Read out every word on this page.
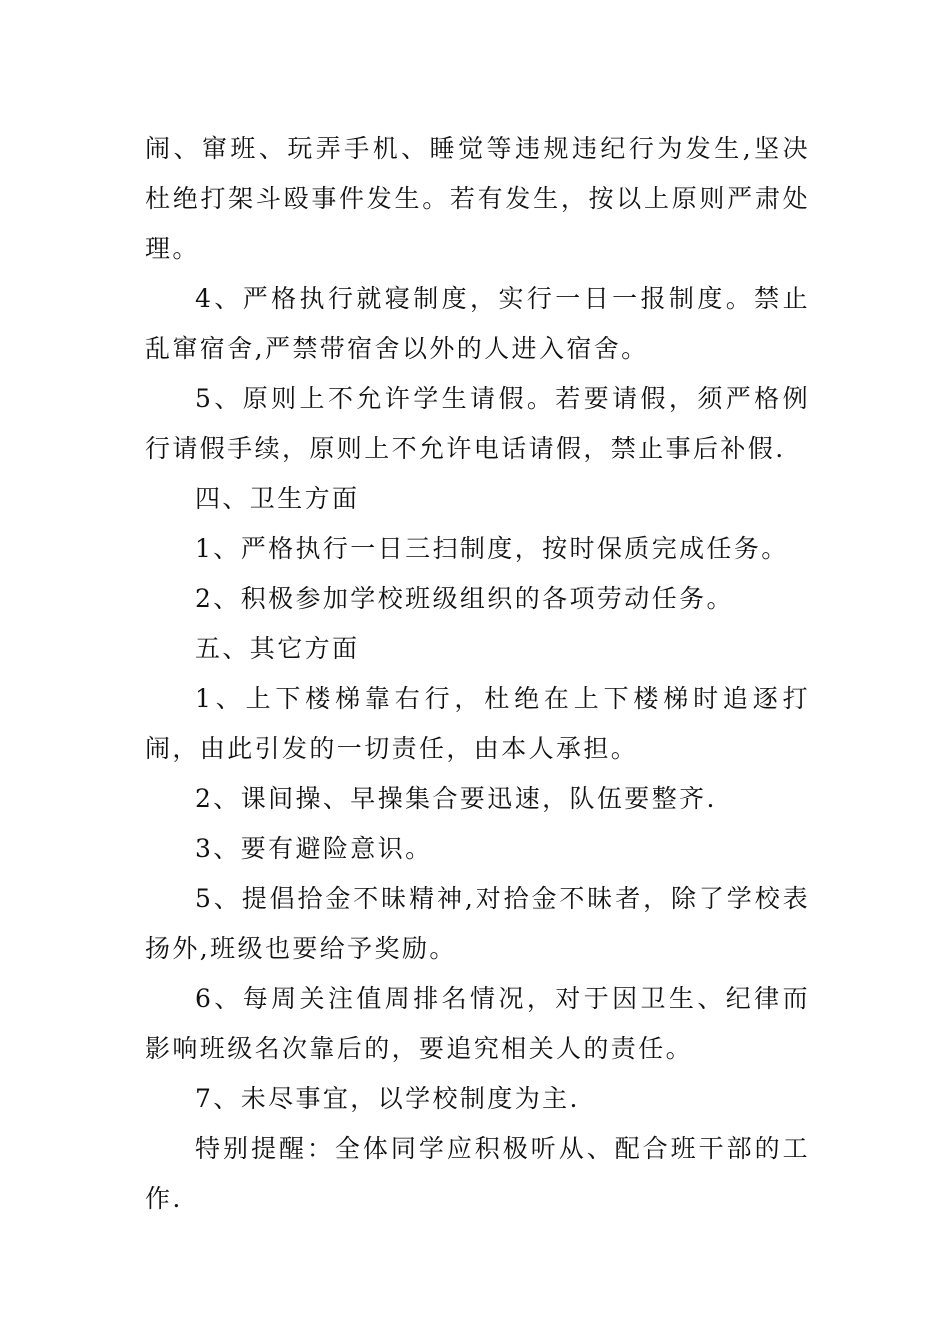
闹、窜班、玩弄手机、睡觉等违规违纪行为发生,坚决杜绝打架斗殴事件发生。若有发生，按以上原则严肃处理。

4、严格执行就寝制度，实行一日一报制度。禁止乱窜宿舍,严禁带宿舍以外的人进入宿舍。

5、原则上不允许学生请假。若要请假，须严格例行请假手续，原则上不允许电话请假，禁止事后补假.

四、卫生方面

1、严格执行一日三扫制度，按时保质完成任务。

2、积极参加学校班级组织的各项劳动任务。

五、其它方面

1、上下楼梯靠右行，杜绝在上下楼梯时追逐打闹，由此引发的一切责任，由本人承担。

2、课间操、早操集合要迅速，队伍要整齐.

3、要有避险意识。

5、提倡拾金不昧精神,对拾金不昧者，除了学校表扬外,班级也要给予奖励。

6、每周关注值周排名情况，对于因卫生、纪律而影响班级名次靠后的，要追究相关人的责任。

7、未尽事宜，以学校制度为主.

特别提醒：全体同学应积极听从、配合班干部的工作.
